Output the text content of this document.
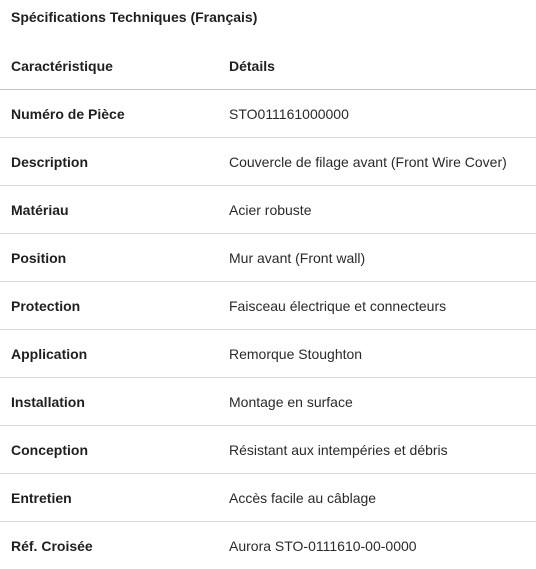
Spécifications Techniques (Français)
Caractéristique	Détails
Numéro de Pièce	STO011161000000
Description	Couvercle de filage avant (Front Wire Cover)
Matériau	Acier robuste
Position	Mur avant (Front wall)
Protection	Faisceau électrique et connecteurs
Application	Remorque Stoughton
Installation	Montage en surface
Conception	Résistant aux intempéries et débris
Entretien	Accès facile au câblage
Réf. Croisée	Aurora STO-0111610-00-0000
